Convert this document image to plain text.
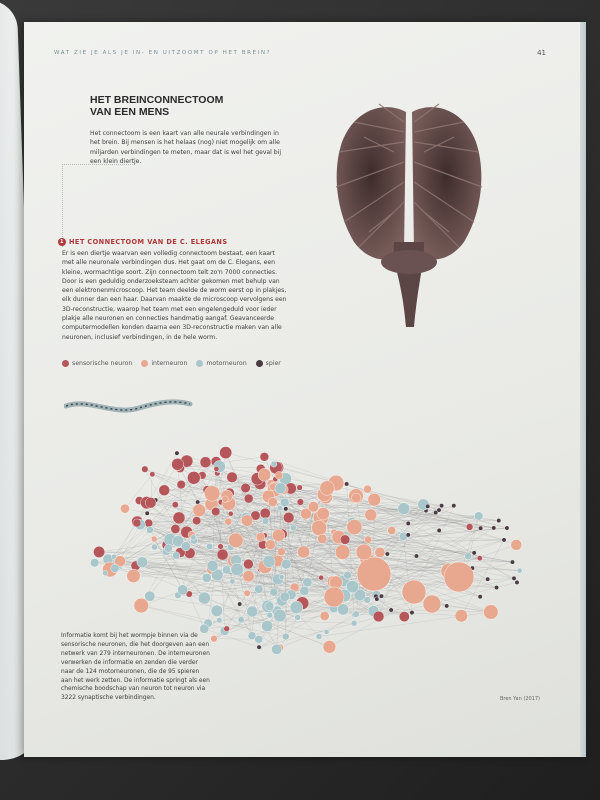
WAT ZIE JE ALS JE IN- EN UITZOOMT OP HET BREIN?	41
HET BREINCONNECTOOM
VAN EEN MENS
Het connectoom is een kaart van alle neurale verbindingen in
het brein. Bij mensen is het helaas (nog) niet mogelijk om alle
miljarden verbindingen te meten, maar dat is wel het geval bij
een klein diertje.
1 HET CONNECTOOM VAN DE C. ELEGANS
Er is een diertje waarvan een volledig connectoom bestaat, een kaart
met alle neuronale verbindingen dus. Het gaat om de C. Elegans, een
kleine, wormachtige soort. Zijn connectoom telt zo'n 7000 connecties.
Door is een geduldig onderzoeksteam achter gekomen met behulp van
een elektronenmicroscoop. Het team deelde de worm eerst op in plakjes,
elk dunner dan een haar. Daarvan maakte de microscoop vervolgens een
3D-reconstructie, waarop het team met een engelengeduld voor ieder
plakje alle neuronen en connecties handmatig aangaf. Geavanceerde
computermodellen konden daarna een 3D-reconstructie maken van alle
neuronen, inclusief verbindingen, in de hele worm.
sensorische neuron	interneuron	motorneuron	spier
Informatie komt bij het wormpje binnen via de
sensorische neuronen, die het doorgeven aan een
netwerk van 279 interneuronen. De interneuronen
verwerken de informatie en zenden die verder
naar de 124 motorneuronen, die de 95 spieren
aan het werk zetten. De informatie springt als een
chemische boodschap van neuron tot neuron via
3222 synaptische verbindingen.	Bren Yan (2017)
